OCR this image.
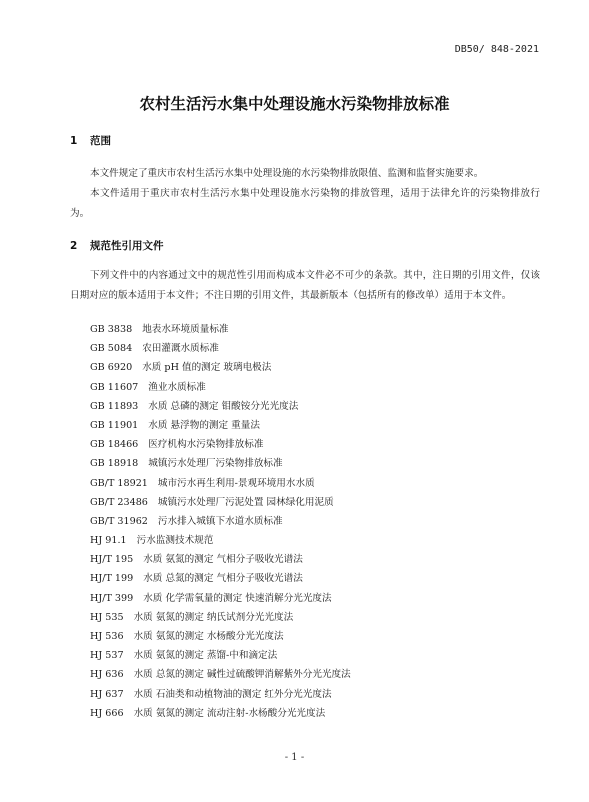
DB50/ 848-2021
农村生活污水集中处理设施水污染物排放标准
1 范围
本文件规定了重庆市农村生活污水集中处理设施的水污染物排放限值、监测和监督实施要求。
本文件适用于重庆市农村生活污水集中处理设施水污染物的排放管理，适用于法律允许的污染物排放行为。
2 规范性引用文件
下列文件中的内容通过文中的规范性引用而构成本文件必不可少的条款。其中，注日期的引用文件，仅该日期对应的版本适用于本文件；不注日期的引用文件，其最新版本（包括所有的修改单）适用于本文件。
GB 3838 地表水环境质量标准
GB 5084 农田灌溉水质标准
GB 6920 水质 pH 值的测定 玻璃电极法
GB 11607 渔业水质标准
GB 11893 水质 总磷的测定 钼酸铵分光光度法
GB 11901 水质 悬浮物的测定 重量法
GB 18466 医疗机构水污染物排放标准
GB 18918 城镇污水处理厂污染物排放标准
GB/T 18921 城市污水再生利用-景观环境用水水质
GB/T 23486 城镇污水处理厂污泥处置 园林绿化用泥质
GB/T 31962 污水排入城镇下水道水质标准
HJ 91.1 污水监测技术规范
HJ/T 195 水质 氨氮的测定 气相分子吸收光谱法
HJ/T 199 水质 总氮的测定 气相分子吸收光谱法
HJ/T 399 水质 化学需氧量的测定 快速消解分光光度法
HJ 535 水质 氨氮的测定 纳氏试剂分光光度法
HJ 536 水质 氨氮的测定 水杨酸分光光度法
HJ 537 水质 氨氮的测定 蒸馏-中和滴定法
HJ 636 水质 总氮的测定 碱性过硫酸钾消解紫外分光光度法
HJ 637 水质 石油类和动植物油的测定 红外分光光度法
HJ 666 水质 氨氮的测定 流动注射-水杨酸分光光度法
- 1 -
